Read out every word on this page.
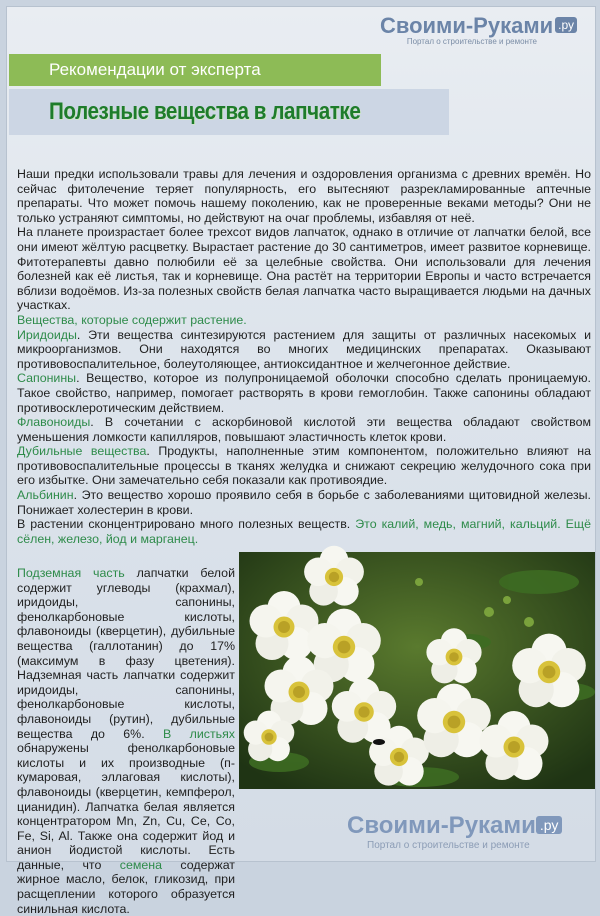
Своими-Руками .ру
Портал о строительстве и ремонте
Рекомендации от эксперта
Полезные вещества в лапчатке

Наши предки использовали травы для лечения и оздоровления организма с древних времён. Но сейчас фитолечение теряет популярность, его вытесняют разрекламированные аптечные препараты. Что может помочь нашему поколению, как не проверенные веками методы? Они не только устраняют симптомы, но действуют на очаг проблемы, избавляя от неё.

На планете произрастает более трехсот видов лапчаток, однако в отличие от лапчатки белой, все они имеют жёлтую расцветку. Вырастает растение до 30 сантиметров, имеет развитое корневище. Фитотерапевты давно полюбили её за целебные свойства. Они использовали для лечения болезней как её листья, так и корневище. Она растёт на территории Европы и часто встречается вблизи водоёмов. Из-за полезных свойств белая лапчатка часто выращивается людьми на дачных участках.

Вещества, которые содержит растение.

Иридоиды. Эти вещества синтезируются растением для защиты от различных насекомых и микроорганизмов. Они находятся во многих медицинских препаратах. Оказывают противовоспалительное, болеутоляющее, антиоксидантное и желчегонное действие.

Сапонины. Вещество, которое из полупроницаемой оболочки способно сделать проницаемую. Такое свойство, например, помогает растворять в крови гемоглобин. Также сапонины обладают противосклеротическим действием.

Флавоноиды. В сочетании с аскорбиновой кислотой эти вещества обладают свойством уменьшения ломкости капилляров, повышают эластичность клеток крови.

Дубильные вещества. Продукты, наполненные этим компонентом, положительно влияют на противовоспалительные процессы в тканях желудка и снижают секрецию желудочного сока при его избытке. Они замечательно себя показали как противоядие.

Альбинин. Это вещество хорошо проявило себя в борьбе с заболеваниями щитовидной железы. Понижает холестерин в крови.

В растении сконцентрировано много полезных веществ. Это калий, медь, магний, кальций. Ещё сёлен, железо, йод и марганец.

Подземная часть лапчатки белой содержит углеводы (крахмал), иридоиды, сапонины, фенолкарбоновые кислоты, флавоноиды (кверцетин), дубильные вещества (галлотанин) до 17% (максимум в фазу цветения). Надземная часть лапчатки содержит иридоиды, сапонины, фенолкарбоновые кислоты, флавоноиды (рутин), дубильные вещества до 6%. В листьях обнаружены фенолкарбоновые кислоты и их производные (п-кумаровая, эллаговая кислоты), флавоноиды (кверцетин, кемпферол, цианидин). Лапчатка белая является концентратором Mn, Zn, Cu, Ce, Co, Fe, Si, Al. Также она содержит йод и анион йодистой кислоты. Есть данные, что семена содержат жирное масло, белок, гликозид, при расщеплении которого образуется синильная кислота.
Своими-Руками .ру
Портал о строительстве и ремонте
